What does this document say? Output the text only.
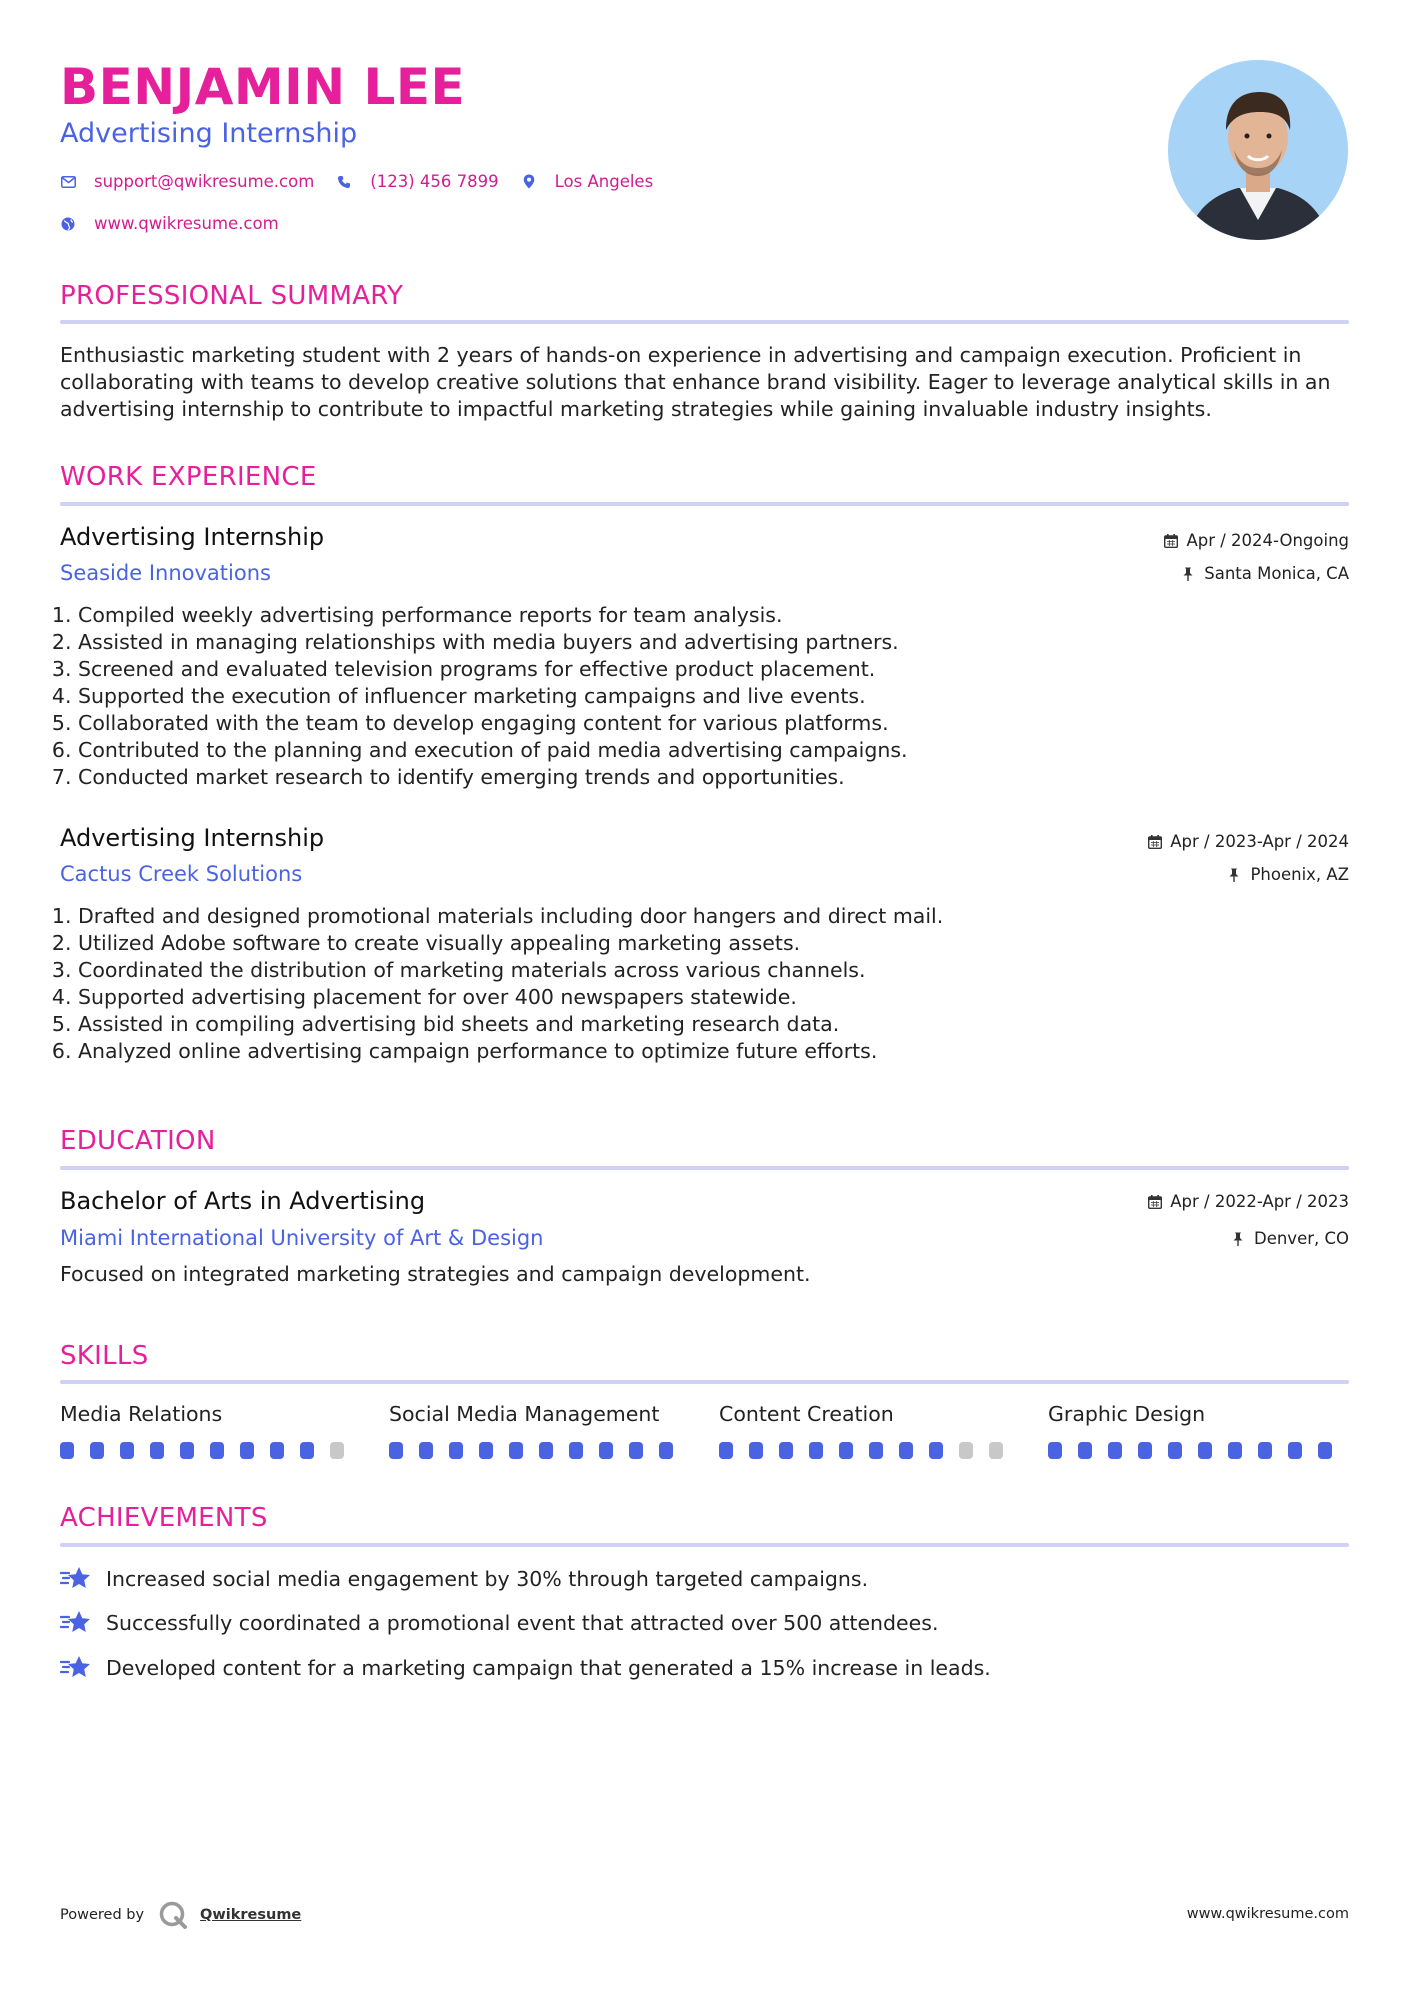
BENJAMIN LEE
Advertising Internship
support@qwikresume.com	(123) 456 7899	Los Angeles
www.qwikresume.com
PROFESSIONAL SUMMARY

Enthusiastic marketing student with 2 years of hands-on experience in advertising and campaign execution. Proficient in collaborating with teams to develop creative solutions that enhance brand visibility. Eager to leverage analytical skills in an advertising internship to contribute to impactful marketing strategies while gaining invaluable industry insights.

WORK EXPERIENCE
Advertising Internship
Seaside Innovations
Apr / 2024-Ongoing
Santa Monica, CA
1. Compiled weekly advertising performance reports for team analysis.
2. Assisted in managing relationships with media buyers and advertising partners.
3. Screened and evaluated television programs for effective product placement.
4. Supported the execution of influencer marketing campaigns and live events.
5. Collaborated with the team to develop engaging content for various platforms.
6. Contributed to the planning and execution of paid media advertising campaigns.
7. Conducted market research to identify emerging trends and opportunities.
Advertising Internship
Cactus Creek Solutions
Apr / 2023-Apr / 2024
Phoenix, AZ
1. Drafted and designed promotional materials including door hangers and direct mail.
2. Utilized Adobe software to create visually appealing marketing assets.
3. Coordinated the distribution of marketing materials across various channels.
4. Supported advertising placement for over 400 newspapers statewide.
5. Assisted in compiling advertising bid sheets and marketing research data.
6. Analyzed online advertising campaign performance to optimize future efforts.
EDUCATION
Bachelor of Arts in Advertising
Miami International University of Art & Design
Apr / 2022-Apr / 2023
Denver, CO

Focused on integrated marketing strategies and campaign development.

SKILLS
Media Relations	Social Media Management	Content Creation	Graphic Design
ACHIEVEMENTS
Increased social media engagement by 30% through targeted campaigns.
Successfully coordinated a promotional event that attracted over 500 attendees.
Developed content for a marketing campaign that generated a 15% increase in leads.
Powered by	Qwikresume	www.qwikresume.com
